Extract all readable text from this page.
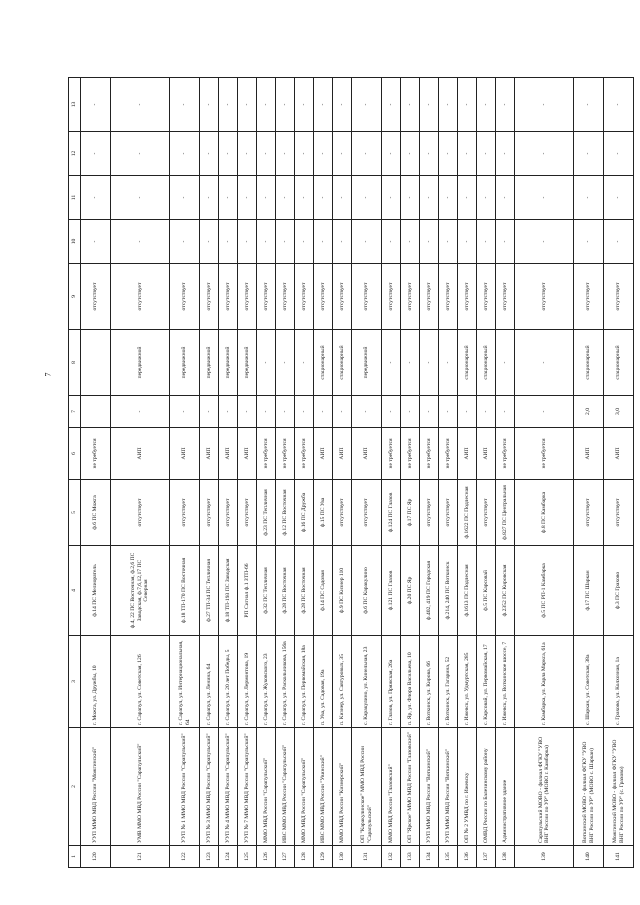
7
1	2	3	4	5	6	7	8	9	10	11	12	13
120	УУП ММО МВД России "Можгинский"	г. Можга, ул. Дружбы, 10	ф.14 ПС Мелиоратель	ф.6 ПС Можга	не требуется			отсутствует	-	-	-	-
121	УМВ ММО МВД России "Сарапульский"	г. Сарапул, ул. Советская, 126	ф.4, 22 ПС Восточная, ф.2,6 ПС Заводская, ф.7,6,12,17 ПС Северная	отсутствует	АИП	-	передвижной	отсутствует	-	-	-	-
122	УУП № 1 ММО МВД России "Сарапульский"	г. Сарапул, ул. Интернациональная, 64	ф.18 ТП-170 ПС Восточная	отсутствует	АИП	-	передвижной	отсутствует	-	-	-	-
123	УУП № 3 ММО МВД России "Сарапульский"	г. Сарапул, ул. Ленина, 64	ф.27 ТП-34 ПС Тепличная	отсутствует	АИП	-	передвижной	отсутствует	-	-	-	-
124	УУП № 4 ММО МВД России "Сарапульский"	г. Сарапул, ул. 20 лет Победы, 5	ф.18 ТП-193 ПС Заводская	отсутствует	АИП	-	передвижной	отсутствует	-	-	-	-
125	УУП № 7 ММО МВД России "Сарапульский"	г. Сарапул, ул. Лермонтова, 19	РП Сигнал ф.1 ЗТП-66	отсутствует	АИП	-	передвижной	отсутствует	-	-	-	-
126	ММО МВД России "Сарапульский"	г. Сарапул, ул. Жуковского, 23	ф.32 ПС Тепличная	ф.23 ПС Тепличная	не требуется	-	-	отсутствует	-	-	-	-
127	ИВС ММО МВД России "Сарапульский"	г. Сарапул, ул. Раскольникова, 156в	ф.28 ПС Восточная	ф.12 ПС Восточная	не требуется	-	-	отсутствует	-	-	-	-
128	ММО МВД России "Сарапульский"	г. Сарапул, ул. Первомайская, 18а	ф.28 ПС Восточная	ф.16 ПС Дружба	не требуется	-	-	отсутствует	-	-	-	-
129	ИВС ММО МВД России "Увинский"	п. Ува, ул. Садовая, 19а	ф.14 ПС Садовая	ф.15 ПС Ува	АИП	-	стационарный	отсутствует	-	-	-	-
130	ММО МВД России "Кизнерский"	п. Кизнер, ул. Савтуровых, 35	ф.9 ПС Кизнер 110	отсутствует	АИП	-	стационарный	отсутствует	-	-	-	-
131	ОП "Каракулинское" ММО МВД России "Сарапульский"	с. Каракулино, ул. Кинельная, 23	ф.6 ПС Каракулино	отсутствует	АИП	-	передвижной	отсутствует	-	-	-	-
132	ММО МВД России "Глазовский"	г. Глазов, ул. Пряжская, 26а	ф.121 ПС Глазов	ф.124 ПС Глазов	не требуется	-	-	отсутствует	-	-	-	-
133	ОП "Ярское" ММО МВД России "Глазовский"	п. Яр, ул. Флора Васильева, 10	ф.20 ПС Яр	ф.17 ПС Яр	не требуется	-	-	отсутствует	-	-	-	-
134	УУП ММО МВД России "Воткинский"	г. Воткинск, ул. Кирова, 66	ф.402, 419 ПС Городская	отсутствует	не требуется	-	-	отсутствует	-	-	-	-
135	УУП ММО МВД России "Воткинский"	г. Воткинск, ул. Гагарина, 52	ф.214, 240 ПС Воткинск	отсутствует	не требуется	-	-	отсутствует	-	-	-	-
136	ОП № 2 УМВД по г. Ижевску	г. Ижевск, ул. Удмуртская, 285	ф.1613 ПС Подлесная	ф.1622 ПС Подлесная	АИП	-	стационарный	отсутствует	-	-	-	-
137	ОМВД России по Балезинскому району	с. Карсовай, ул. Первомайская, 17	ф.5 ПС Карсовай	отсутствует	АИП	-	стационарный	отсутствует	-	-	-	-
138	Административное здание	г. Ижевск, ул. Воткинское шоссе, 7	ф.2352 ПС Кировская	ф.827 ПС Центральная	не требуется	-	-	отсутствует	-	-	-	-
139	Сарапульский МОВО - филиал ФГКУ "УВО ВНГ России по УР" (МОВО г. Камбарка)	г. Камбарка, ул. Карла Маркса, 61а	ф.5 ПС РП-1 Камбарка	ф.8 ПС Камбарка	не требуется	-	-	отсутствует	-	-	-	-
140	Воткинский МОВО - филиал ФГКУ "УВО ВНГ России по УР" (МОВО с. Шаркан)	с. Шаркан, ул. Советская, 38а	ф.17 ПС Шаркан	отсутствует	АИП	2,0	стационарный	отсутствует	-	-	-	-
141	Можгинский МОВО - филиал ФГКУ "УВО ВНГ России по УР" (с. Грахово)	с. Грахово, ул. Колхозная, 1а	ф.3 ПС Грахово	отсутствует	АИП	3,0	стационарный	отсутствует	-	-	-	-
